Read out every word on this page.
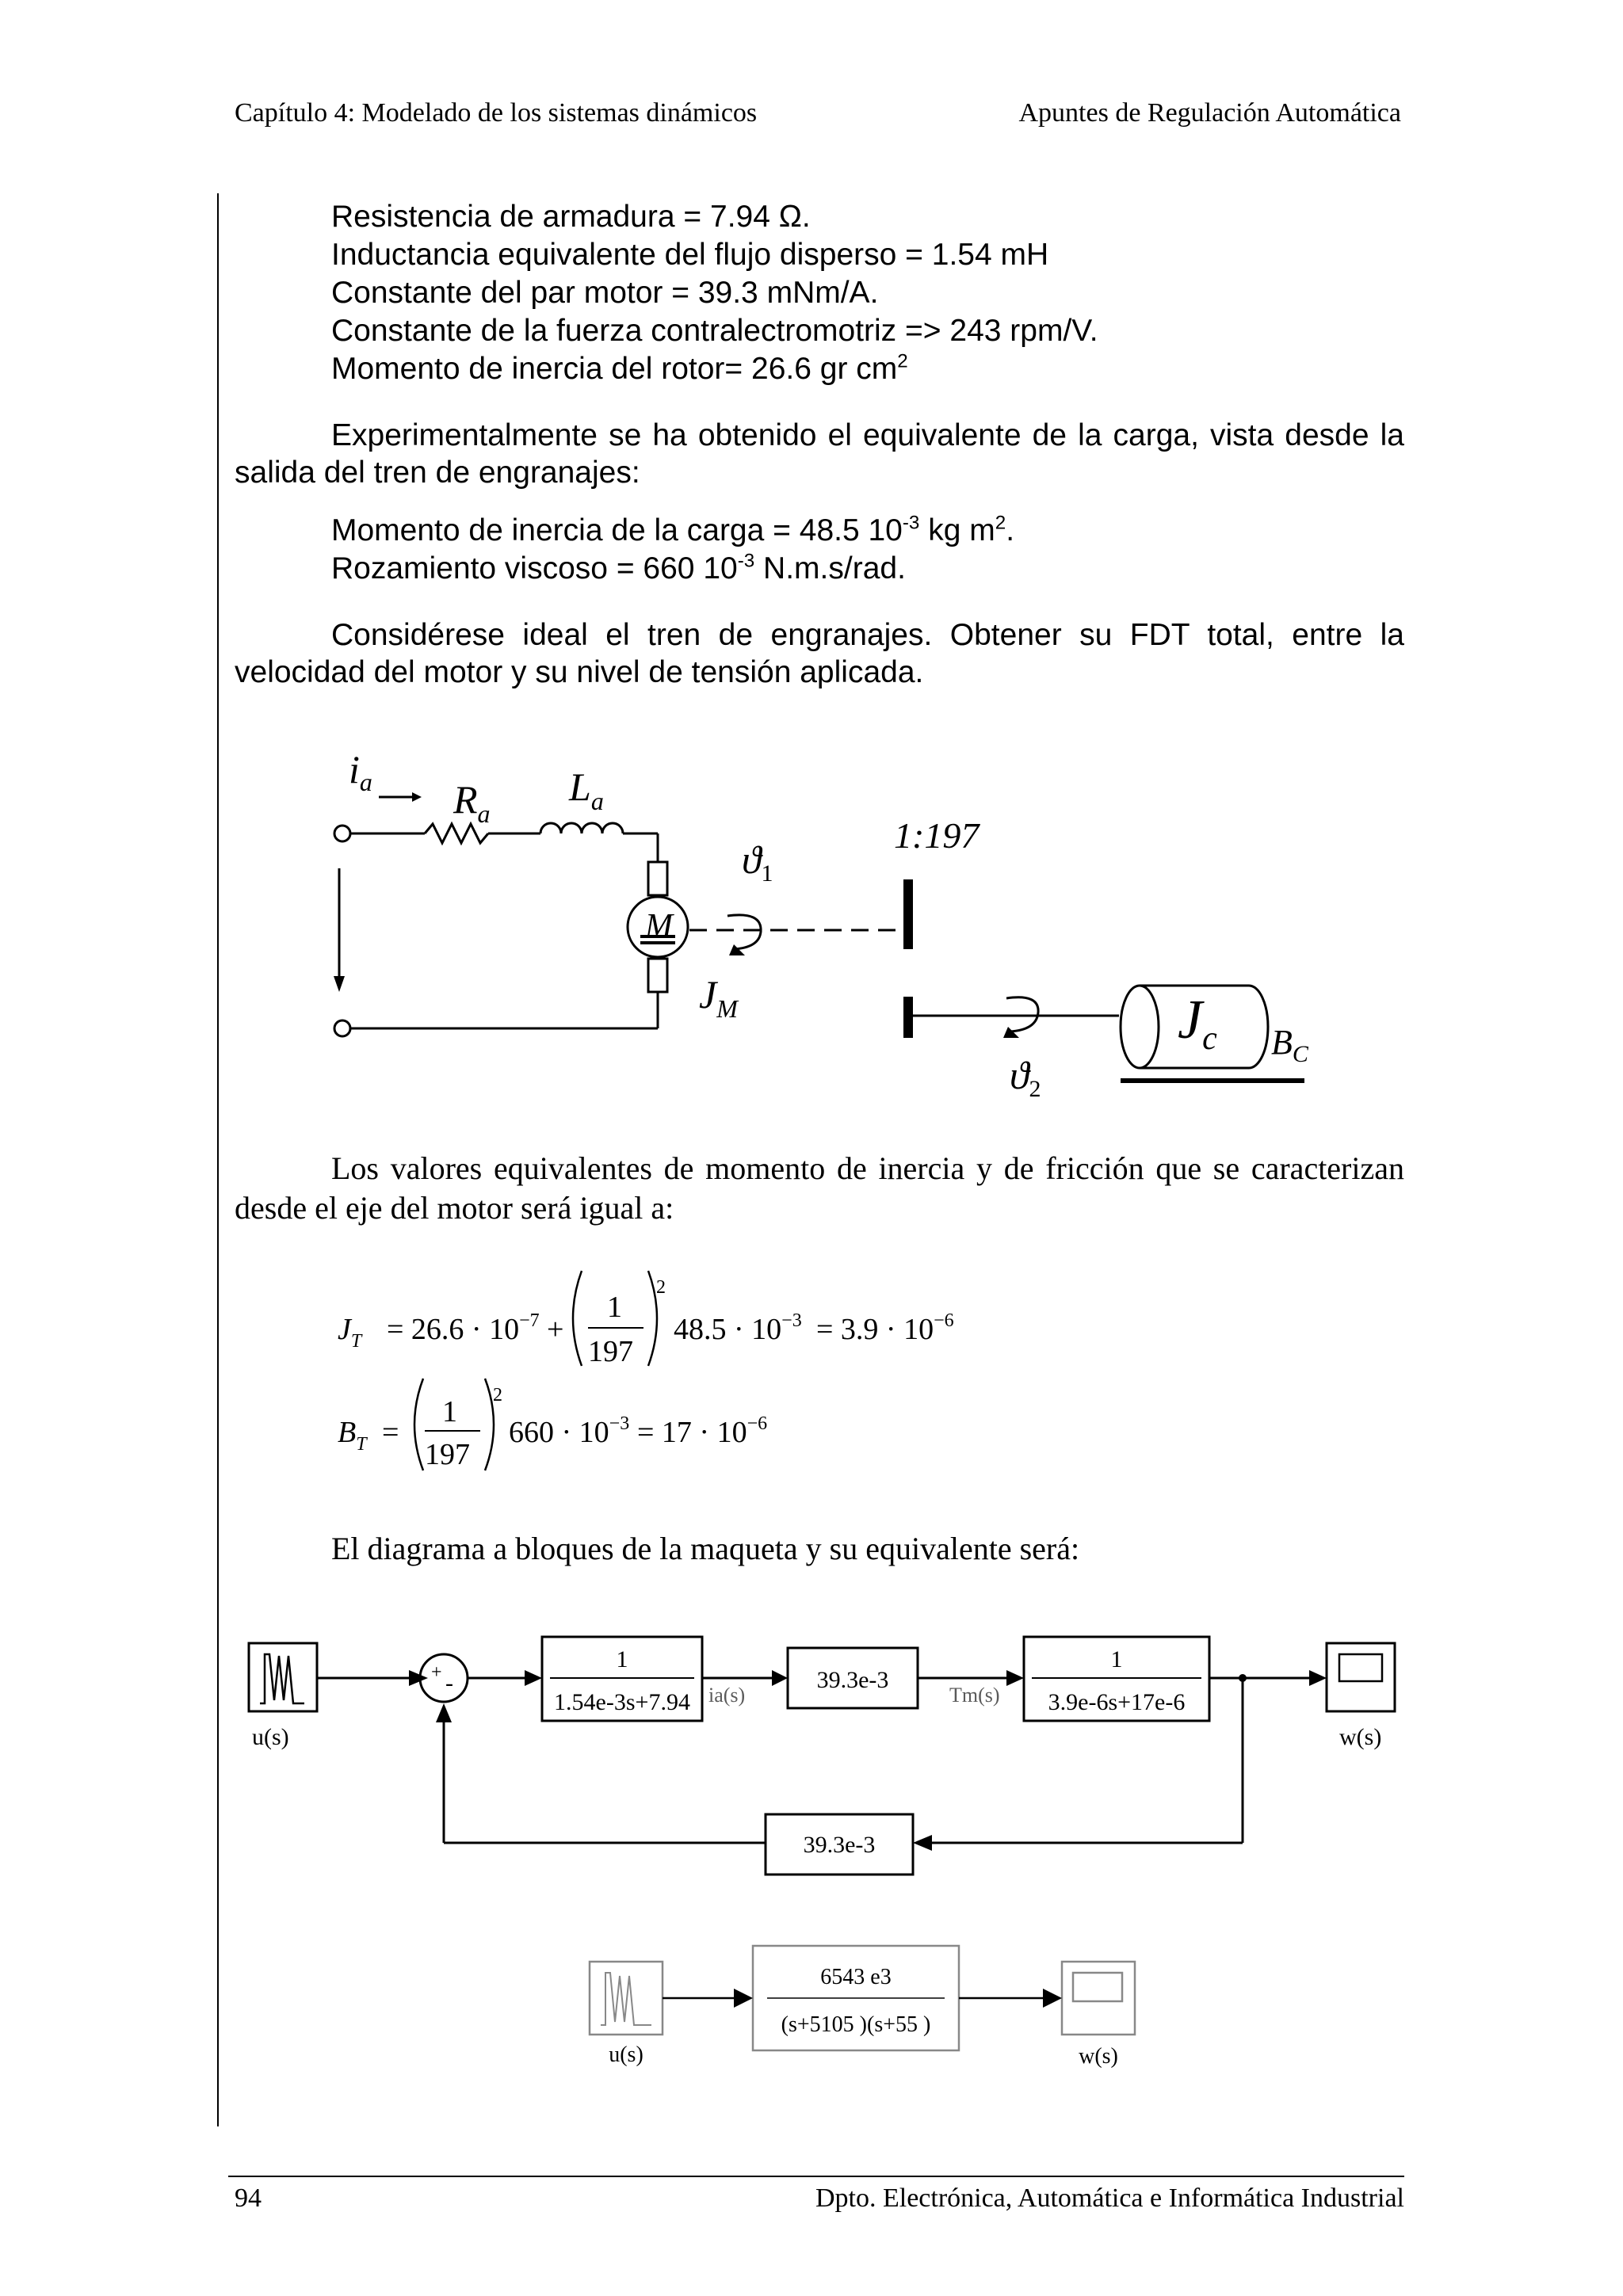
Capítulo 4: Modelado de los sistemas dinámicos	Apuntes de Regulación Automática
Resistencia de armadura = 7.94 Ω.
Inductancia equivalente del flujo disperso = 1.54 mH
Constante del par motor = 39.3 mNm/A.
Constante de la fuerza contralectromotriz => 243 rpm/V.
Momento de inercia del rotor= 26.6 gr $cm^2$
Experimentalmente se ha obtenido el equivalente de la carga, vista desde la salida del tren de engranajes:
Momento de inercia de la carga = 48.5 $10^{-3}$ kg $m^2$.
Rozamiento viscoso = 660 $10^{-3}$ N.m.s/rad.
Considérese ideal el tren de engranajes. Obtener su FDT total, entre la velocidad del motor y su nivel de tensión aplicada.
$i_a$ $R_a$
$L_a$
M
1:197
$ϑ_1$
$J_M$
$ϑ_2$
$J_c$ $B_C$
Los valores equivalentes de momento de inercia y de fricción que se caracterizan desde el eje del motor será igual a:
$J_T = 26.6 \cdot 10^{-7}$ +
1
197
2
$48.5 \cdot 10^{-3} = 3.9 \cdot 10^{-6}$
$B_T$ =
1
197
2
$660 \cdot 10^{-3} = 17 \cdot 10^{-6}$
El diagrama a bloques de la maqueta y su equivalente será:
u(s)
+ -
1
1.54e-3s+7.94 ia(s)
39.3e-3
Tm(s)
1
3.9e-6s+17e-6
w(s)
39.3e-3
u(s)
6543 e3
(s+5105 )(s+55 )
w(s)
94	Dpto. Electrónica, Automática e Informática Industrial
